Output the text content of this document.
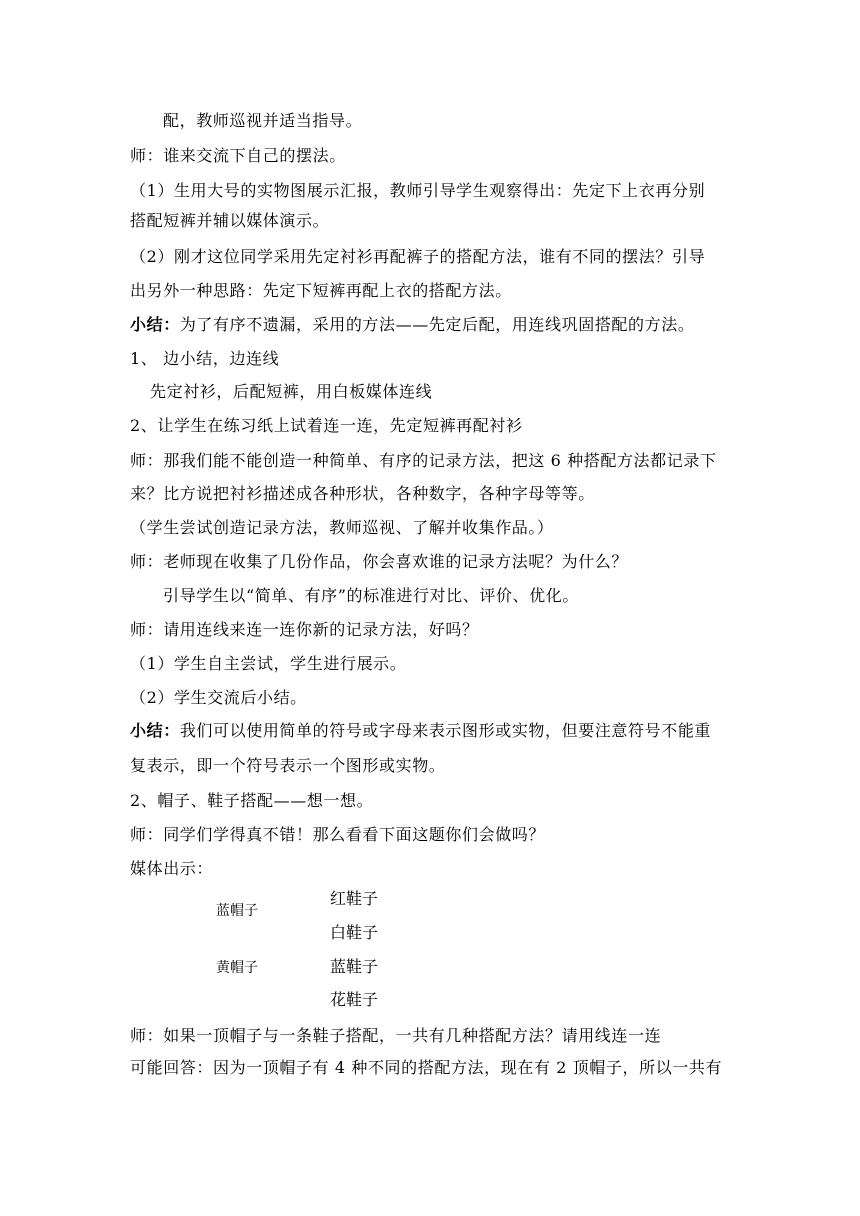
配，教师巡视并适当指导。
师：谁来交流下自己的摆法。
（1）生用大号的实物图展示汇报，教师引导学生观察得出：先定下上衣再分别
搭配短裤并辅以媒体演示。
（2）刚才这位同学采用先定衬衫再配裤子的搭配方法，谁有不同的摆法？引导
出另外一种思路：先定下短裤再配上衣的搭配方法。
小结：为了有序不遗漏，采用的方法——先定后配，用连线巩固搭配的方法。
1、 边小结，边连线
先定衬衫，后配短裤，用白板媒体连线
2、让学生在练习纸上试着连一连，先定短裤再配衬衫
师：那我们能不能创造一种简单、有序的记录方法，把这 6 种搭配方法都记录下
来？比方说把衬衫描述成各种形状，各种数字，各种字母等等。
（学生尝试创造记录方法，教师巡视、了解并收集作品。）
师：老师现在收集了几份作品，你会喜欢谁的记录方法呢？为什么？
引导学生以“简单、有序”的标准进行对比、评价、优化。
师：请用连线来连一连你新的记录方法，好吗？
（1）学生自主尝试，学生进行展示。
（2）学生交流后小结。
小结：我们可以使用简单的符号或字母来表示图形或实物，但要注意符号不能重
复表示，即一个符号表示一个图形或实物。
2、帽子、鞋子搭配——想一想。
师：同学们学得真不错！那么看看下面这题你们会做吗？
媒体出示：
蓝帽子
黄帽子
红鞋子
白鞋子
蓝鞋子
花鞋子
师：如果一顶帽子与一条鞋子搭配，一共有几种搭配方法？请用线连一连
可能回答：因为一顶帽子有 4 种不同的搭配方法，现在有 2 顶帽子，所以一共有
